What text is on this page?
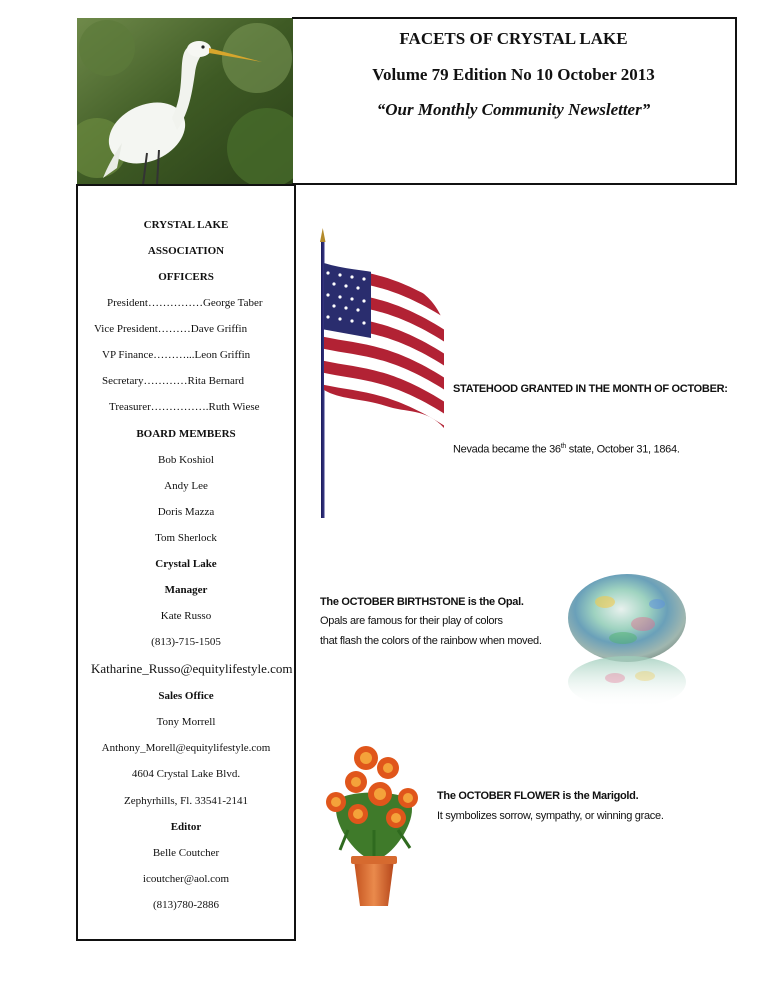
FACETS OF CRYSTAL LAKE
Volume 79 Edition No 10 October 2013
“Our Monthly Community Newsletter”
CRYSTAL LAKE
ASSOCIATION
OFFICERS
President……………George Taber
Vice President………Dave Griffin
VP Finance………...Leon Griffin
Secretary…………Rita Bernard
Treasurer…………….Ruth Wiese
BOARD MEMBERS
Bob Koshiol
Andy Lee
Doris Mazza
Tom Sherlock
Crystal Lake
Manager
Kate Russo
(813)-715-1505
Katharine_Russo@equitylifestyle.com
Sales Office
Tony Morrell
Anthony_Morell@equitylifestyle.com
4604 Crystal Lake Blvd.
Zephyrhills, Fl. 33541-2141
Editor
Belle Coutcher
icoutcher@aol.com
(813)780-2886
STATEHOOD GRANTED IN THE MONTH OF OCTOBER:
Nevada became the 36th state, October 31, 1864.
The OCTOBER BIRTHSTONE is the Opal.
Opals are famous for their play of colors
that flash the colors of the rainbow when moved.
The OCTOBER FLOWER is the Marigold.
It symbolizes sorrow, sympathy, or winning grace.
